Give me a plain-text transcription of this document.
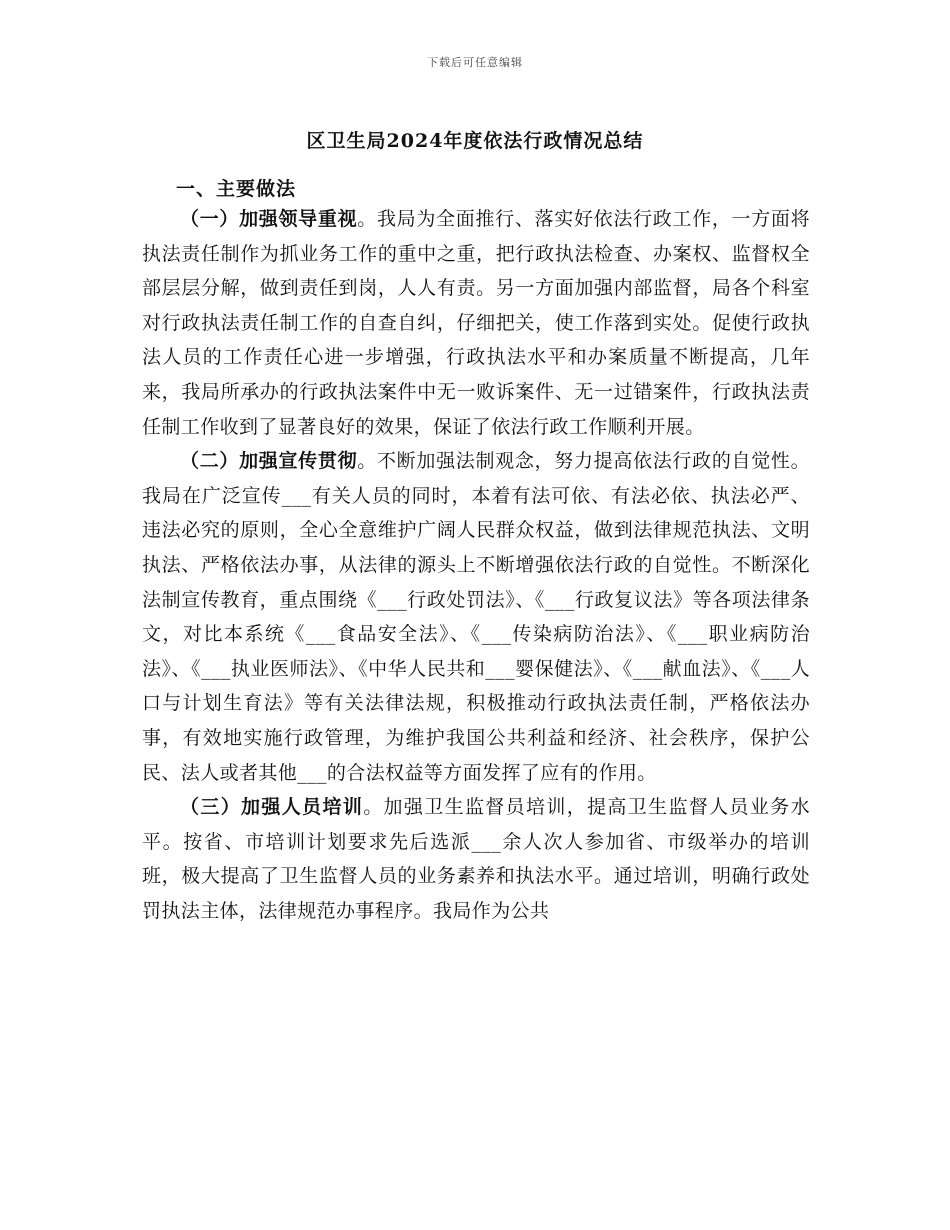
下载后可任意编辑
区卫生局2024年度依法行政情况总结
一、主要做法

（一）加强领导重视。我局为全面推行、落实好依法行政工作，一方面将执法责任制作为抓业务工作的重中之重，把行政执法检查、办案权、监督权全部层层分解，做到责任到岗，人人有责。另一方面加强内部监督，局各个科室对行政执法责任制工作的自查自纠，仔细把关，使工作落到实处。促使行政执法人员的工作责任心进一步增强，行政执法水平和办案质量不断提高，几年来，我局所承办的行政执法案件中无一败诉案件、无一过错案件，行政执法责任制工作收到了显著良好的效果，保证了依法行政工作顺利开展。

（二）加强宣传贯彻。不断加强法制观念，努力提高依法行政的自觉性。我局在广泛宣传___有关人员的同时，本着有法可依、有法必依、执法必严、违法必究的原则，全心全意维护广阔人民群众权益，做到法律规范执法、文明执法、严格依法办事，从法律的源头上不断增强依法行政的自觉性。不断深化法制宣传教育，重点围绕《___行政处罚法》、《___行政复议法》等各项法律条文，对比本系统《___食品安全法》、《___传染病防治法》、《___职业病防治法》、《___执业医师法》、《中华人民共和___婴保健法》、《___献血法》、《___人口与计划生育法》等有关法律法规，积极推动行政执法责任制，严格依法办事，有效地实施行政管理，为维护我国公共利益和经济、社会秩序，保护公民、法人或者其他___的合法权益等方面发挥了应有的作用。

（三）加强人员培训。加强卫生监督员培训，提高卫生监督人员业务水平。按省、市培训计划要求先后选派___余人次人参加省、市级举办的培训班，极大提高了卫生监督人员的业务素养和执法水平。通过培训，明确行政处罚执法主体，法律规范办事程序。我局作为公共
